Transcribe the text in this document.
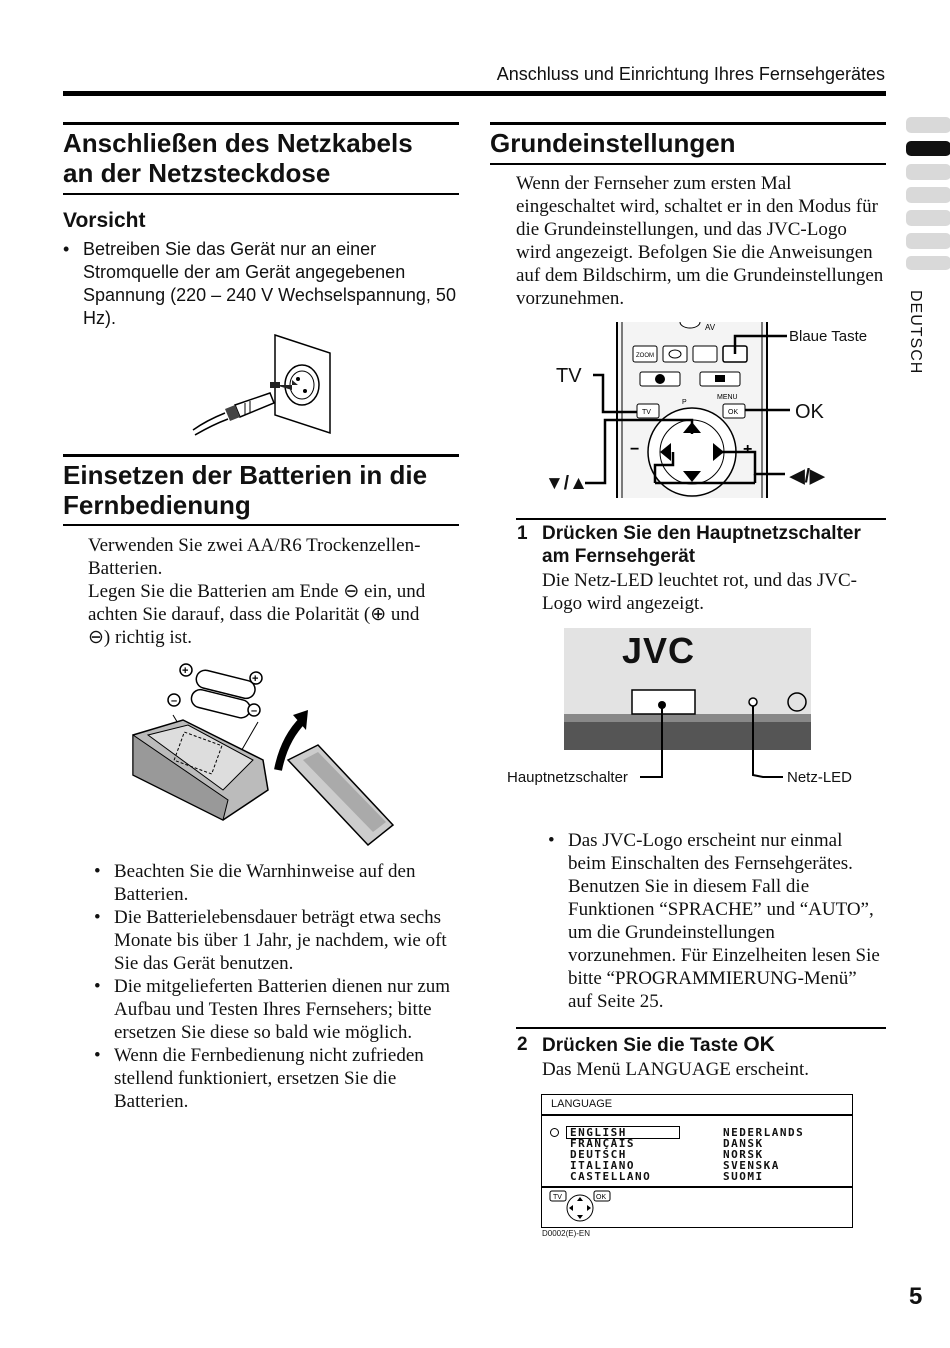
Anschluss und Einrichtung Ihres Fernsehgerätes
DEUTSCH
Anschließen des Netzkabels
an der Netzsteckdose
Vorsicht
• Betreiben Sie das Gerät nur an einer Stromquelle der am Gerät angegebenen Spannung (220 – 240 V Wechselspannung, 50 Hz).
Einsetzen der Batterien in die
Fernbedienung
Verwenden Sie zwei AA/R6 Trockenzellen-
Batterien.
Legen Sie die Batterien am Ende ⊖ ein, und
achten Sie darauf, dass die Polarität (⊕ und
⊖) richtig ist.
+
+
–
–
• Beachten Sie die Warnhinweise auf den Batterien.
• Die Batterielebensdauer beträgt etwa sechs Monate bis über 1 Jahr, je nachdem, wie oft Sie das Gerät benutzen.
• Die mitgelieferten Batterien dienen nur zum Aufbau und Testen Ihres Fernsehers; bitte ersetzen Sie diese so bald wie möglich.
• Wenn die Fernbedienung nicht zufrieden stellend funktioniert, ersetzen Sie die Batterien.
Grundeinstellungen
Wenn der Fernseher zum ersten Mal eingeschaltet wird, schaltet er in den Modus für die Grundeinstellungen, und das JVC-Logo wird angezeigt. Befolgen Sie die Anweisungen auf dem Bildschirm, um die Grundeinstellungen vorzunehmen.
AV
ZOOM
MENU
P
TV	OK
−	+
Blaue Taste
TV
OK
▼/▲	◀/▶
1 Drücken Sie den Hauptnetzschalter
am Fernsehgerät
Die Netz-LED leuchtet rot, und das JVC-
Logo wird angezeigt.
JVC
Hauptnetzschalter	Netz-LED
• Das JVC-Logo erscheint nur einmal beim Einschalten des Fernsehgerätes. Benutzen Sie in diesem Fall die Funktionen “SPRACHE” und “AUTO”, um die Grundeinstellungen vorzunehmen. Für Einzelheiten lesen Sie bitte “PROGRAMMIERUNG-Menü” auf Seite 25.
2 Drücken Sie die Taste OK
Das Menü LANGUAGE erscheint.
LANGUAGE
ENGLISH
FRANÇAIS
DEUTSCH
ITALIANO
CASTELLANO
NEDERLANDS
DANSK
NORSK
SVENSKA
SUOMI
TV	OK
D0002(E)-EN
5
